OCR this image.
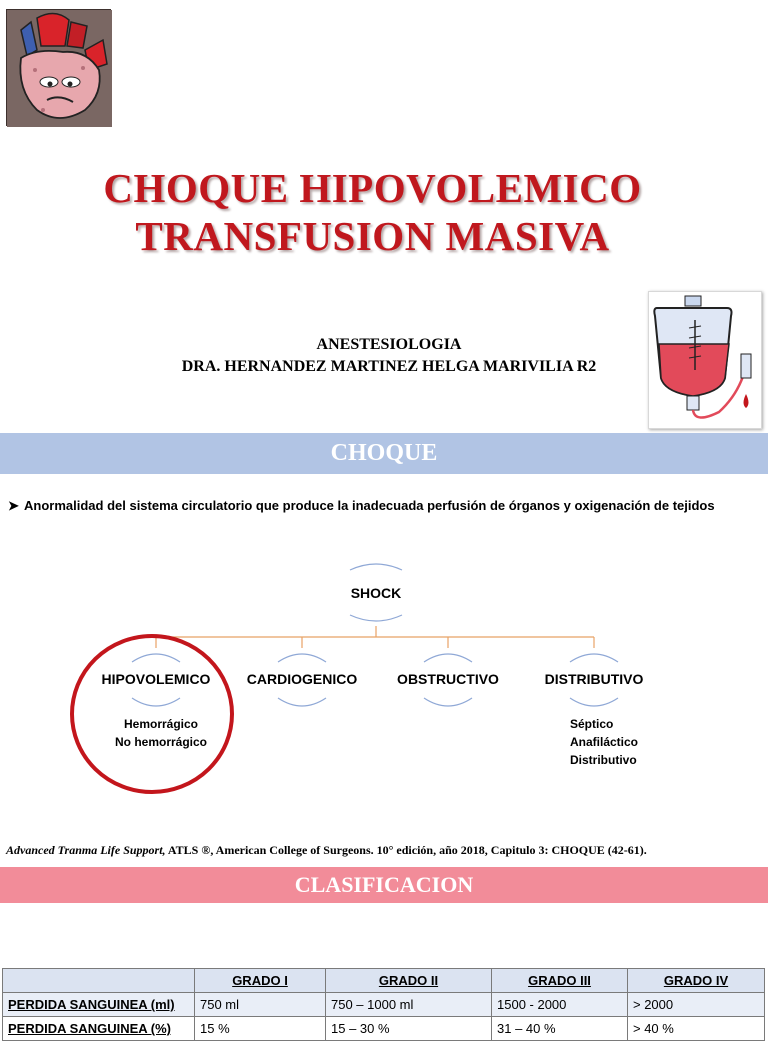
CHOQUE HIPOVOLEMICO
TRANSFUSION MASIVA
ANESTESIOLOGIA
DRA. HERNANDEZ MARTINEZ HELGA MARIVILIA R2
CHOQUE
➤ Anormalidad del sistema circulatorio que produce la inadecuada perfusión de órganos y oxigenación de tejidos
SHOCK
HIPOVOLEMICO	CARDIOGENICO	OBSTRUCTIVO	DISTRIBUTIVO
Hemorrágico
No hemorrágico
Séptico
Anafiláctico
Distributivo
Advanced Tranma Life Support, ATLS ®, American College of Surgeons. 10° edición, año 2018, Capitulo 3: CHOQUE (42-61).
CLASIFICACION
	GRADO I	GRADO II	GRADO III	GRADO IV
PERDIDA SANGUINEA (ml)	750 ml	750 – 1000 ml	1500 - 2000	> 2000
PERDIDA SANGUINEA (%)	15 %	15 – 30 %	31 – 40 %	> 40 %
